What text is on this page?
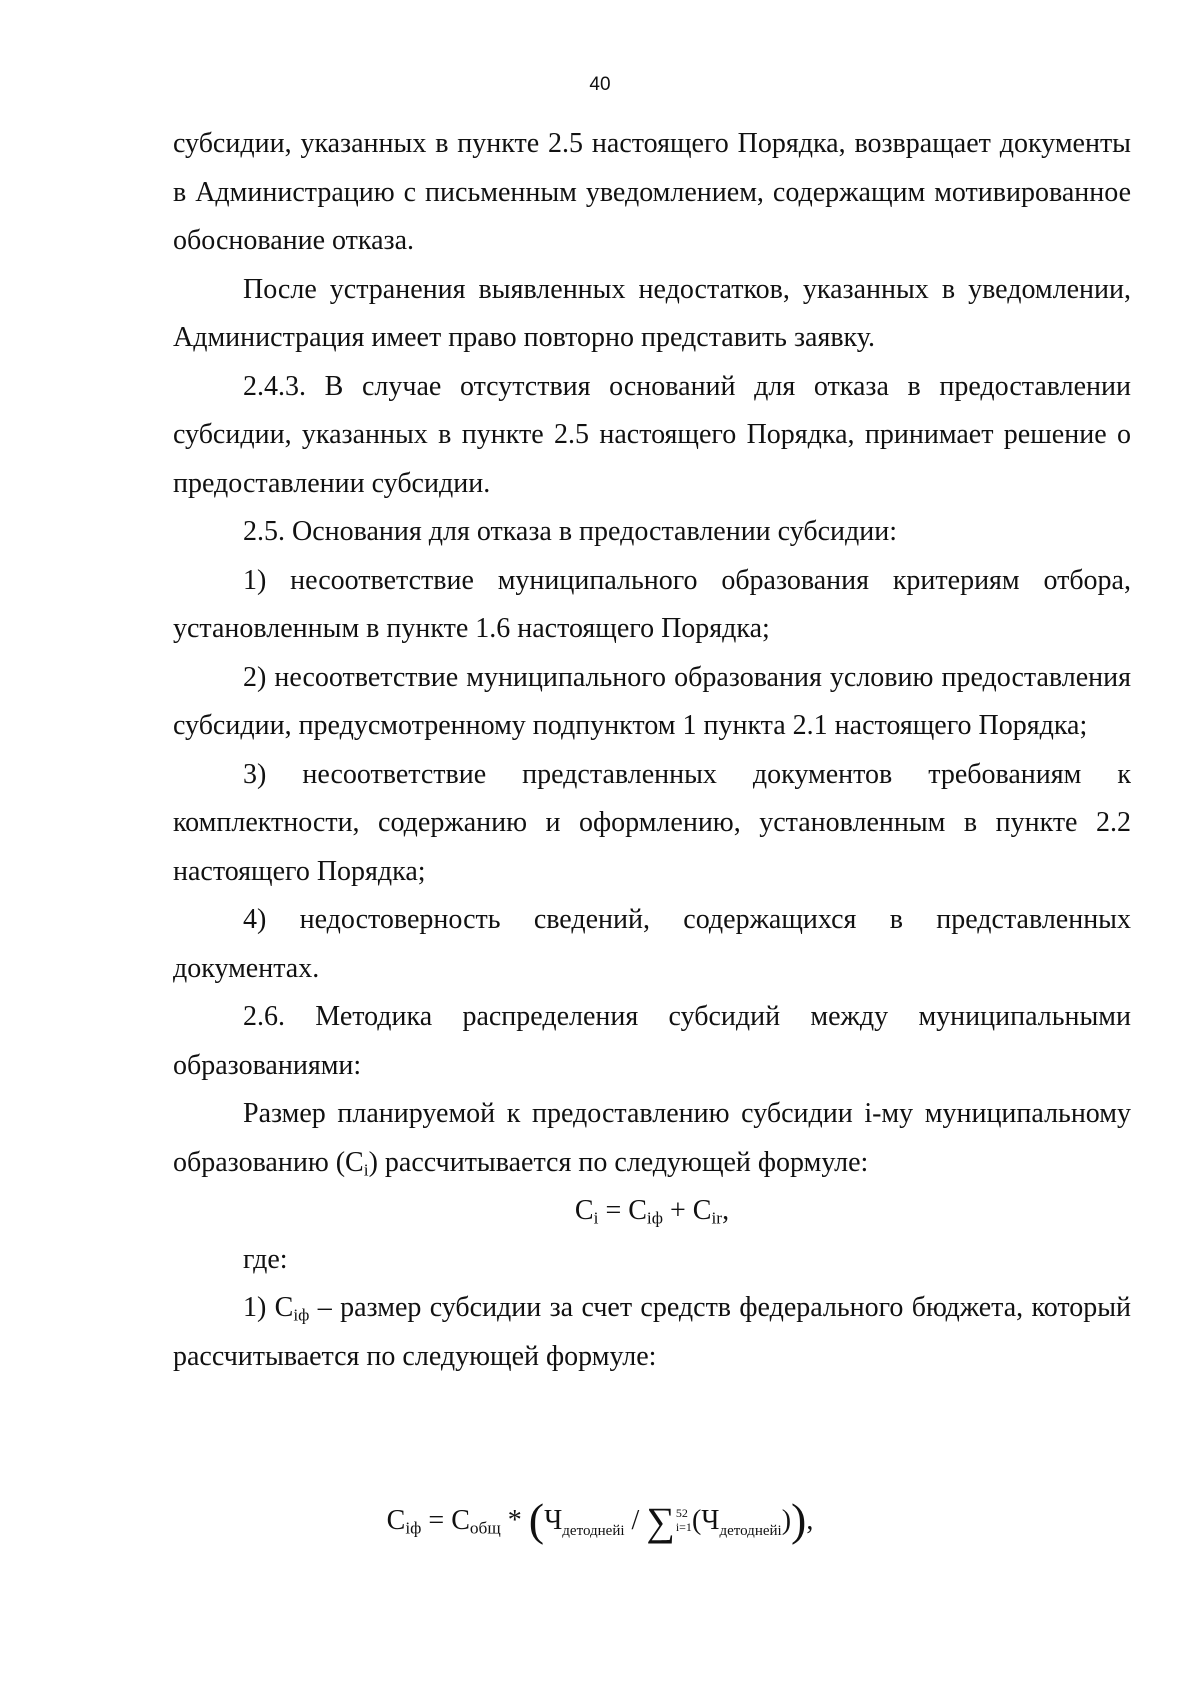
40

субсидии, указанных в пункте 2.5 настоящего Порядка, возвращает документы в Администрацию с письменным уведомлением, содержащим мотивированное обоснование отказа.

После устранения выявленных недостатков, указанных в уведомлении, Администрация имеет право повторно представить заявку.

2.4.3. В случае отсутствия оснований для отказа в предоставлении субсидии, указанных в пункте 2.5 настоящего Порядка, принимает решение о предоставлении субсидии.

2.5. Основания для отказа в предоставлении субсидии:

1) несоответствие муниципального образования критериям отбора, установленным в пункте 1.6 настоящего Порядка;

2) несоответствие муниципального образования условию предоставления субсидии, предусмотренному подпунктом 1 пункта 2.1 настоящего Порядка;

3) несоответствие представленных документов требованиям к комплектности, содержанию и оформлению, установленным в пункте 2.2 настоящего Порядка;

4) недостоверность сведений, содержащихся в представленных документах.

2.6. Методика распределения субсидий между муниципальными образованиями:

Размер планируемой к предоставлению субсидии i-му муниципальному образованию $(C_i)$ рассчитывается по следующей формуле:

$C_i = C_{iф} + C_{ir}$,

где:

1) $C_{iф}$ – размер субсидии за счет средств федерального бюджета, который рассчитывается по следующей формуле:

$C_{iф} = C_{общ} * (Ч_{детоднейi} / \sum 52$
$i=1(Ч_{детоднейi})$),
